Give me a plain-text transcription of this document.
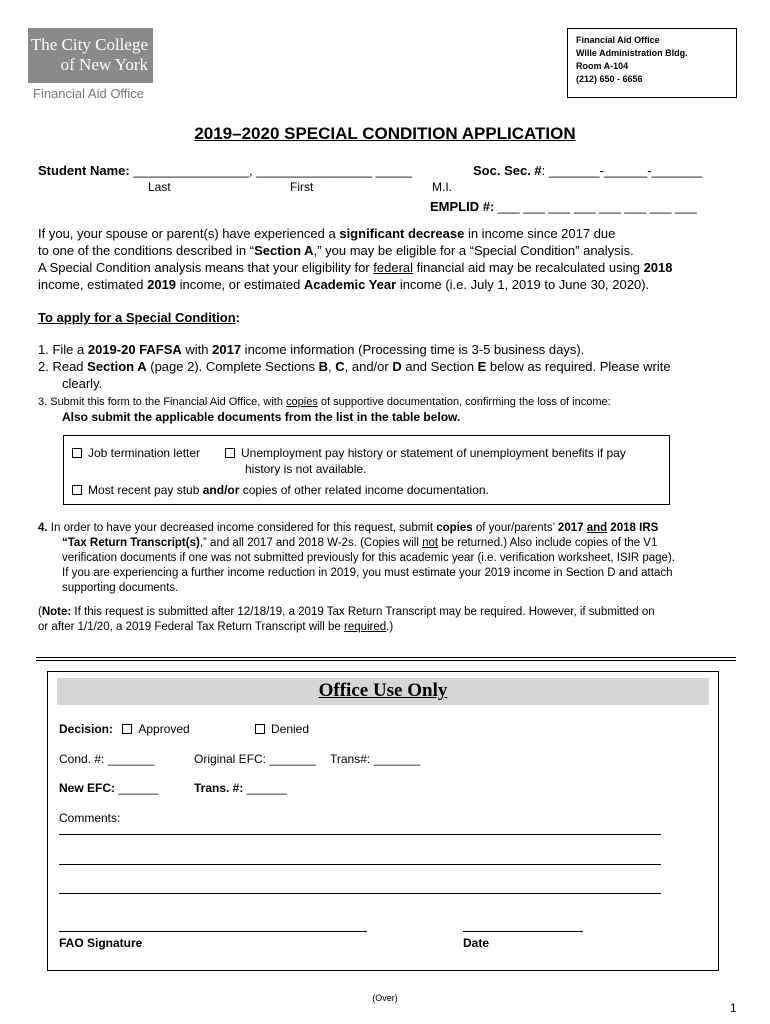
The City College
of New York
Financial Aid Office
Financial Aid Office
Wille Administration Bldg.
Room A-104
(212) 650 - 6656
2019–2020 SPECIAL CONDITION APPLICATION
Student Name: ________________, ________________ _____	Soc. Sec. #: _______-______-_______
Last	First	M.I.
EMPLID #: ___ ___ ___ ___ ___ ___ ___ ___
If you, your spouse or parent(s) have experienced a significant decrease in income since 2017 due
to one of the conditions described in “Section A,” you may be eligible for a “Special Condition” analysis.
A Special Condition analysis means that your eligibility for federal financial aid may be recalculated using 2018
income, estimated 2019 income, or estimated Academic Year income (i.e. July 1, 2019 to June 30, 2020).
To apply for a Special Condition:
1. File a 2019-20 FAFSA with 2017 income information (Processing time is 3-5 business days).
2. Read Section A (page 2). Complete Sections B, C, and/or D and Section E below as required. Please write
clearly.
3. Submit this form to the Financial Aid Office, with copies of supportive documentation, confirming the loss of income:
Also submit the applicable documents from the list in the table below.
Job termination letter	Unemployment pay history or statement of unemployment benefits if pay
history is not available.
Most recent pay stub and/or copies of other related income documentation.
4. In order to have your decreased income considered for this request, submit copies of your/parents’ 2017 and 2018 IRS
“Tax Return Transcript(s),” and all 2017 and 2018 W-2s. (Copies will not be returned.) Also include copies of the V1
verification documents if one was not submitted previously for this academic year (i.e. verification worksheet, ISIR page).
If you are experiencing a further income reduction in 2019, you must estimate your 2019 income in Section D and attach
supporting documents.
(Note: If this request is submitted after 12/18/19, a 2019 Tax Return Transcript may be required. However, if submitted on
or after 1/1/20, a 2019 Federal Tax Return Transcript will be required.)
Office Use Only
Decision: Approved	Denied
Cond. #: _______	Original EFC: _______ Trans#: _______
New EFC: ______	Trans. #: ______
Comments:
FAO Signature	Date
(Over)
1
